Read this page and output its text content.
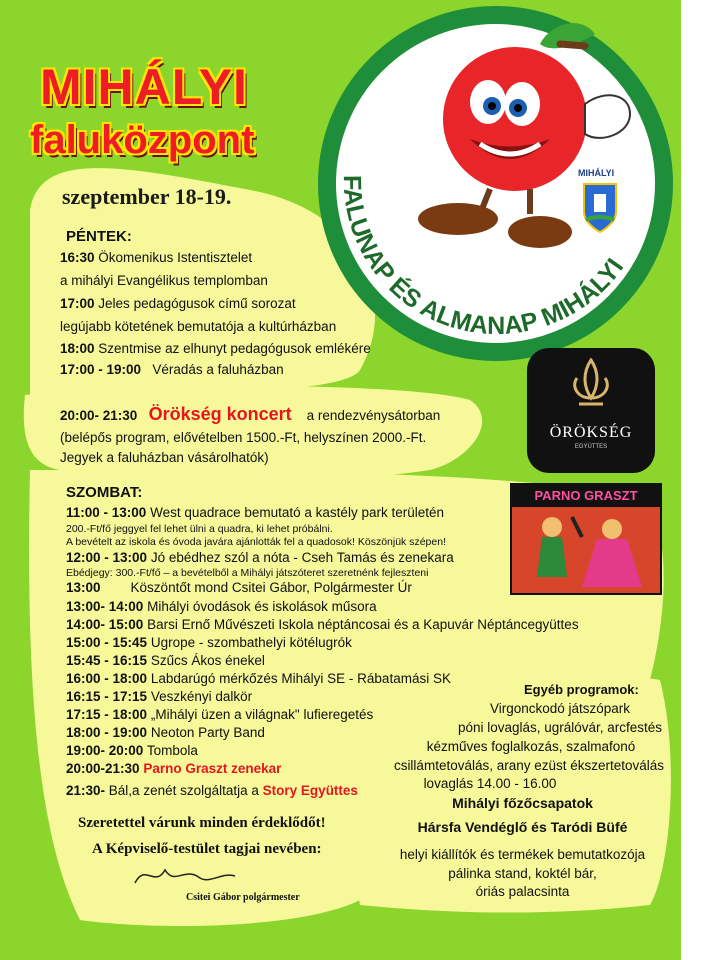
MIHÁLYI
faluközpont
szeptember 18-19.
FALUNAP ÉS ALMANAP MIHÁLYI
MIHÁLYI
PÉNTEK:
16:30 Ökomenikus Istentisztelet
a mihályi Evangélikus templomban
17:00 Jeles pedagógusok című sorozat
legújabb kötetének bemutatója a kultúrházban
18:00 Szentmise az elhunyt pedagógusok emlékére
17:00 - 19:00 Véradás a faluházban
20:00- 21:30 Örökség koncert a rendezvénysátorban
(belépős program, elővételben 1500.-Ft, helyszínen 2000.-Ft.
Jegyek a faluházban vásárolhatók)
ÖRÖKSÉG
EGYÜTTES
PARNO GRASZT
SZOMBAT:
11:00 - 13:00 West quadrace bemutató a kastély park területén
200.-Ft/fő jeggyel fel lehet ülni a quadra, ki lehet próbálni.
A bevételt az iskola és óvoda javára ajánlották fel a quadosok! Köszönjük szépen!
12:00 - 13:00 Jó ebédhez szól a nóta - Cseh Tamás és zenekara
Ebédjegy: 300.-Ft/fő – a bevételből a Mihályi játszóteret szeretnénk fejleszteni
13:00 Köszöntőt mond Csitei Gábor, Polgármester Úr
13:00- 14:00 Mihályi óvodások és iskolások műsora
14:00- 15:00 Barsi Ernő Művészeti Iskola néptáncosai és a Kapuvár Néptáncegyüttes
15:00 - 15:45 Ugrope - szombathelyi kötélugrók
15:45 - 16:15 Szűcs Ákos énekel
16:00 - 18:00 Labdarúgó mérkőzés Mihályi SE - Rábatamási SK
16:15 - 17:15 Veszkényi dalkör
17:15 - 18:00 „Mihályi üzen a világnak" lufieregetés
18:00 - 19:00 Neoton Party Band
19:00- 20:00 Tombola
20:00-21:30 Parno Graszt zenekar
21:30- Bál,a zenét szolgáltatja a Story Együttes
Szeretettel várunk minden érdeklődőt!
A Képviselő-testület tagjai nevében:
Csitei Gábor polgármester
Egyéb programok:
Virgonckodó játszópark
póni lovaglás, ugrálóvár, arcfestés
kézműves foglalkozás, szalmafonó
csillámtetoválás, arany ezüst ékszertetoválás
lovaglás 14.00 - 16.00
Mihályi főzőcsapatok
Hársfa Vendéglő és Taródi Büfé
helyi kiállítók és termékek bemutatkozója
pálinka stand, koktél bár,
óriás palacsinta
